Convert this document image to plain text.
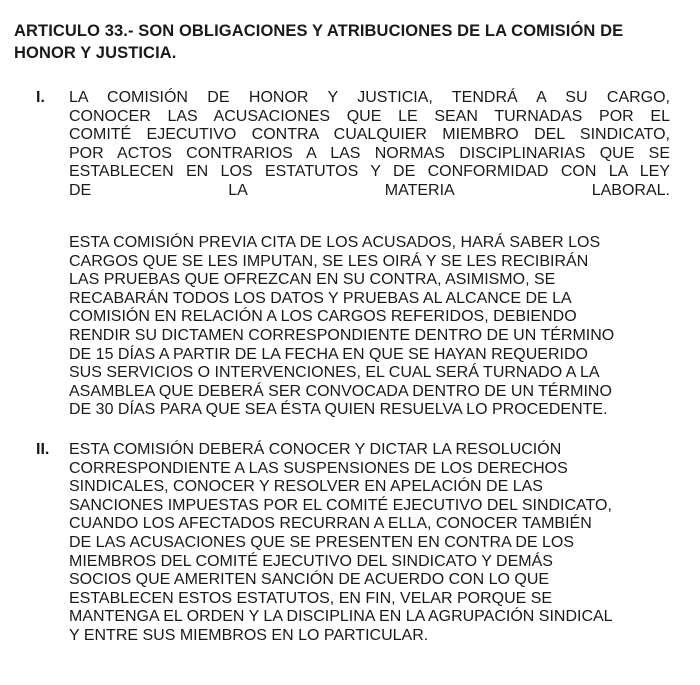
ARTICULO 33.- SON OBLIGACIONES Y ATRIBUCIONES DE LA COMISIÓN DE
HONOR Y JUSTICIA.
I. LA COMISIÓN DE HONOR Y JUSTICIA, TENDRÁ A SU CARGO,
CONOCER LAS ACUSACIONES QUE LE SEAN TURNADAS POR EL
COMITÉ EJECUTIVO CONTRA CUALQUIER MIEMBRO DEL SINDICATO,
POR ACTOS CONTRARIOS A LAS NORMAS DISCIPLINARIAS QUE SE
ESTABLECEN EN LOS ESTATUTOS Y DE CONFORMIDAD CON LA LEY
DE	LA	MATERIA	LABORAL.
ESTA COMISIÓN PREVIA CITA DE LOS ACUSADOS, HARÁ SABER LOS
CARGOS QUE SE LES IMPUTAN, SE LES OIRÁ Y SE LES RECIBIRÁN
LAS PRUEBAS QUE OFREZCAN EN SU CONTRA, ASIMISMO, SE
RECABARÁN TODOS LOS DATOS Y PRUEBAS AL ALCANCE DE LA
COMISIÓN EN RELACIÓN A LOS CARGOS REFERIDOS, DEBIENDO
RENDIR SU DICTAMEN CORRESPONDIENTE DENTRO DE UN TÉRMINO
DE 15 DÍAS A PARTIR DE LA FECHA EN QUE SE HAYAN REQUERIDO
SUS SERVICIOS O INTERVENCIONES, EL CUAL SERÁ TURNADO A LA
ASAMBLEA QUE DEBERÁ SER CONVOCADA DENTRO DE UN TÉRMINO
DE 30 DÍAS PARA QUE SEA ÉSTA QUIEN RESUELVA LO PROCEDENTE.
II. ESTA COMISIÓN DEBERÁ CONOCER Y DICTAR LA RESOLUCIÓN
CORRESPONDIENTE A LAS SUSPENSIONES DE LOS DERECHOS
SINDICALES, CONOCER Y RESOLVER EN APELACIÓN DE LAS
SANCIONES IMPUESTAS POR EL COMITÉ EJECUTIVO DEL SINDICATO,
CUANDO LOS AFECTADOS RECURRAN A ELLA, CONOCER TAMBIÉN
DE LAS ACUSACIONES QUE SE PRESENTEN EN CONTRA DE LOS
MIEMBROS DEL COMITÉ EJECUTIVO DEL SINDICATO Y DEMÁS
SOCIOS QUE AMERITEN SANCIÓN DE ACUERDO CON LO QUE
ESTABLECEN ESTOS ESTATUTOS, EN FIN, VELAR PORQUE SE
MANTENGA EL ORDEN Y LA DISCIPLINA EN LA AGRUPACIÓN SINDICAL
Y ENTRE SUS MIEMBROS EN LO PARTICULAR.
